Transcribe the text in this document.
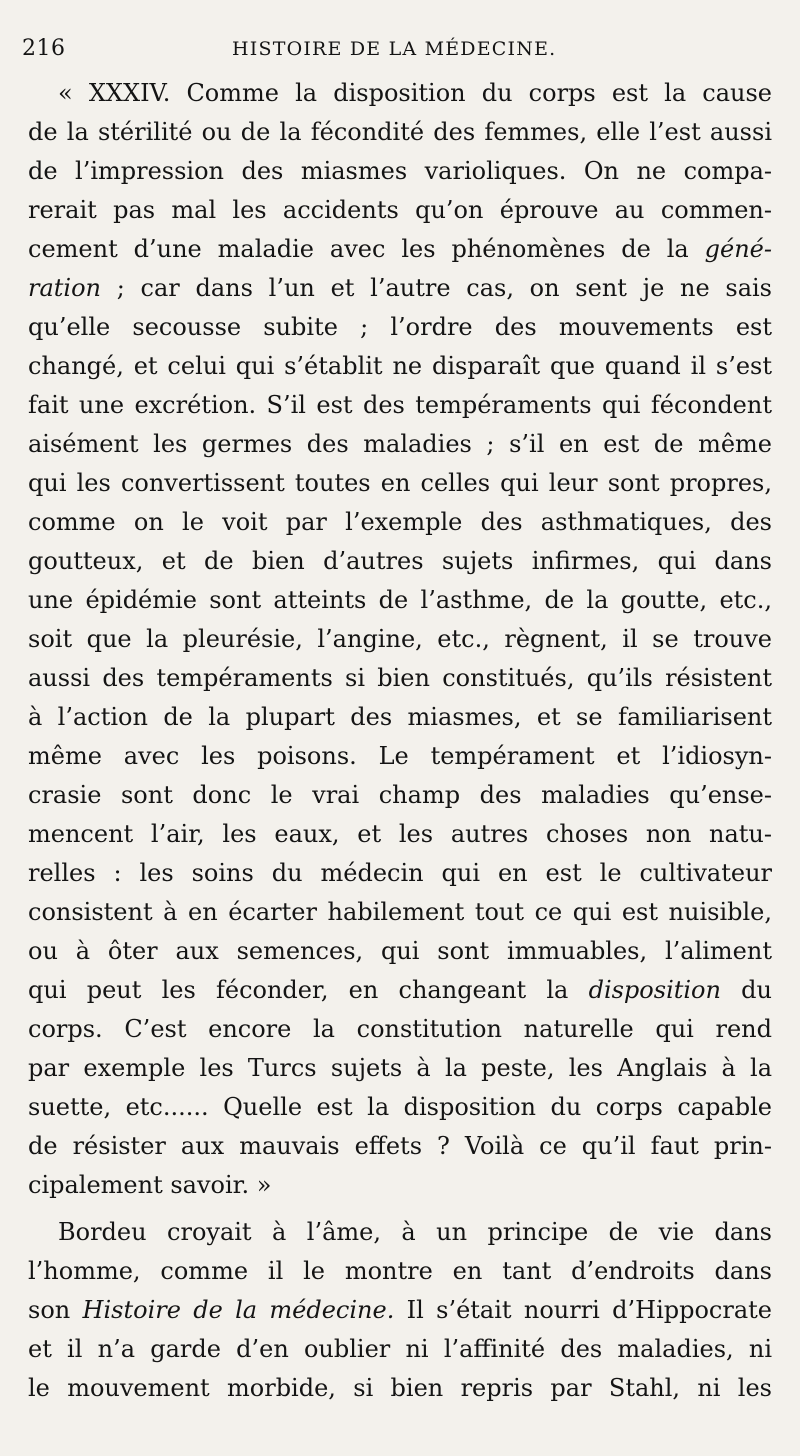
216	HISTOIRE DE LA MÉDECINE.
« XXXIV. Comme la disposition du corps est la cause
de la stérilité ou de la fécondité des femmes, elle l’est aussi
de l’impression des miasmes varioliques. On ne compa-
rerait pas mal les accidents qu’on éprouve au commen-
cement d’une maladie avec les phénomènes de la géné-
ration ; car dans l’un et l’autre cas, on sent je ne sais
qu’elle secousse subite ; l’ordre des mouvements est
changé, et celui qui s’établit ne disparaît que quand il s’est
fait une excrétion. S’il est des tempéraments qui fécondent
aisément les germes des maladies ; s’il en est de même
qui les convertissent toutes en celles qui leur sont propres,
comme on le voit par l’exemple des asthmatiques, des
goutteux, et de bien d’autres sujets infirmes, qui dans
une épidémie sont atteints de l’asthme, de la goutte, etc.,
soit que la pleurésie, l’angine, etc., règnent, il se trouve
aussi des tempéraments si bien constitués, qu’ils résistent
à l’action de la plupart des miasmes, et se familiarisent
même avec les poisons. Le tempérament et l’idiosyn-
crasie sont donc le vrai champ des maladies qu’ense-
mencent l’air, les eaux, et les autres choses non natu-
relles : les soins du médecin qui en est le cultivateur
consistent à en écarter habilement tout ce qui est nuisible,
ou à ôter aux semences, qui sont immuables, l’aliment
qui peut les féconder, en changeant la disposition du
corps. C’est encore la constitution naturelle qui rend
par exemple les Turcs sujets à la peste, les Anglais à la
suette, etc...... Quelle est la disposition du corps capable
de résister aux mauvais effets ? Voilà ce qu’il faut prin-
cipalement savoir. »
Bordeu croyait à l’âme, à un principe de vie dans
l’homme, comme il le montre en tant d’endroits dans
son Histoire de la médecine. Il s’était nourri d’Hippocrate
et il n’a garde d’en oublier ni l’affinité des maladies, ni
le mouvement morbide, si bien repris par Stahl, ni les
